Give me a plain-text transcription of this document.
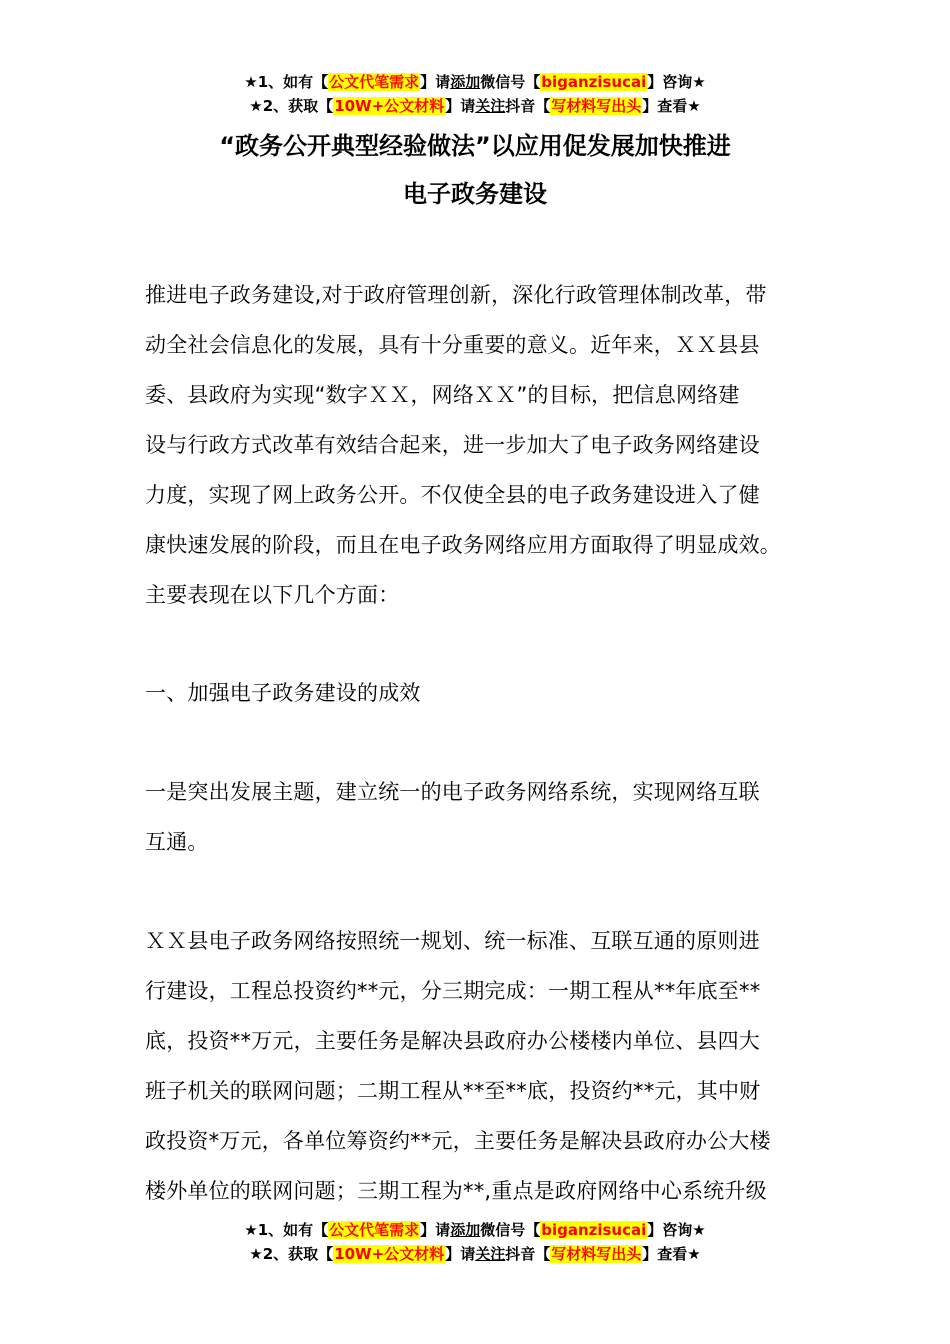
★1、如有【公文代笔需求】请添加微信号【biganzisucai】咨询★
★2、获取【10W+公文材料】请关注抖音【写材料写出头】查看★
“政务公开典型经验做法”以应用促发展加快推进
电子政务建设

推进电子政务建设,对于政府管理创新，深化行政管理体制改革，带
动全社会信息化的发展，具有十分重要的意义。近年来，ＸＸ县县
委、县政府为实现“数字ＸＸ，网络ＸＸ”的目标，把信息网络建
设与行政方式改革有效结合起来，进一步加大了电子政务网络建设
力度，实现了网上政务公开。不仅使全县的电子政务建设进入了健
康快速发展的阶段，而且在电子政务网络应用方面取得了明显成效。
主要表现在以下几个方面：

一、加强电子政务建设的成效

一是突出发展主题，建立统一的电子政务网络系统，实现网络互联
互通。

ＸＸ县电子政务网络按照统一规划、统一标准、互联互通的原则进
行建设，工程总投资约**元，分三期完成：一期工程从**年底至**
底，投资**万元，主要任务是解决县政府办公楼楼内单位、县四大
班子机关的联网问题；二期工程从**至**底，投资约**元，其中财
政投资*万元，各单位筹资约**元，主要任务是解决县政府办公大楼
楼外单位的联网问题；三期工程为**,重点是政府网络中心系统升级

★1、如有【公文代笔需求】请添加微信号【biganzisucai】咨询★
★2、获取【10W+公文材料】请关注抖音【写材料写出头】查看★
